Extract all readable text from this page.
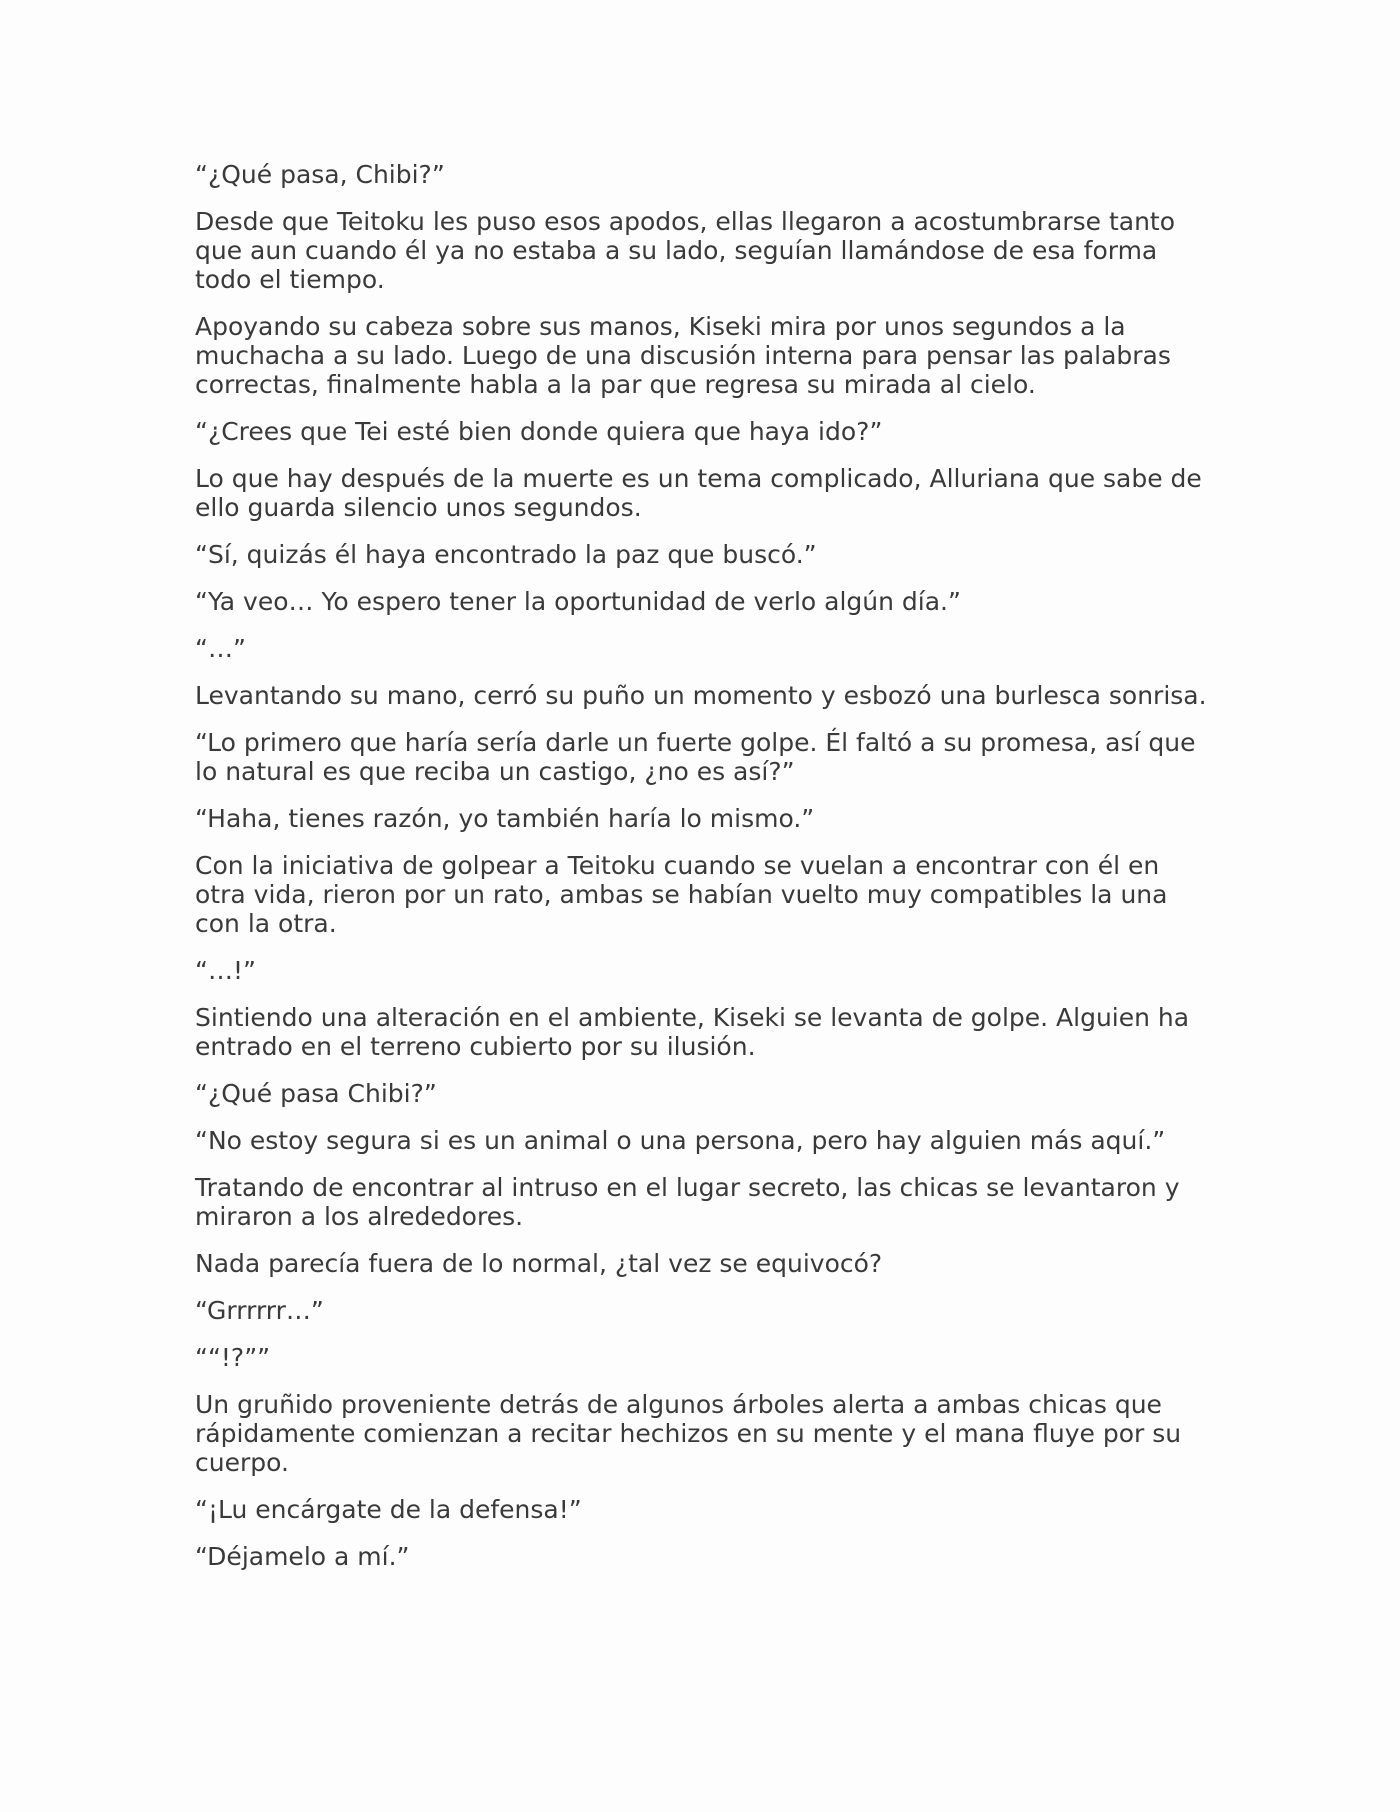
“¿Qué pasa, Chibi?”

Desde que Teitoku les puso esos apodos, ellas llegaron a acostumbrarse tanto que aun cuando él ya no estaba a su lado, seguían llamándose de esa forma todo el tiempo.

Apoyando su cabeza sobre sus manos, Kiseki mira por unos segundos a la muchacha a su lado. Luego de una discusión interna para pensar las palabras correctas, finalmente habla a la par que regresa su mirada al cielo.

“¿Crees que Tei esté bien donde quiera que haya ido?”

Lo que hay después de la muerte es un tema complicado, Alluriana que sabe de ello guarda silencio unos segundos.

“Sí, quizás él haya encontrado la paz que buscó.”

“Ya veo… Yo espero tener la oportunidad de verlo algún día.”

“…”

Levantando su mano, cerró su puño un momento y esbozó una burlesca sonrisa.

“Lo primero que haría sería darle un fuerte golpe. Él faltó a su promesa, así que lo natural es que reciba un castigo, ¿no es así?”

“Haha, tienes razón, yo también haría lo mismo.”

Con la iniciativa de golpear a Teitoku cuando se vuelan a encontrar con él en otra vida, rieron por un rato, ambas se habían vuelto muy compatibles la una con la otra.

“…!”

Sintiendo una alteración en el ambiente, Kiseki se levanta de golpe. Alguien ha entrado en el terreno cubierto por su ilusión.

“¿Qué pasa Chibi?”

“No estoy segura si es un animal o una persona, pero hay alguien más aquí.”

Tratando de encontrar al intruso en el lugar secreto, las chicas se levantaron y miraron a los alrededores.

Nada parecía fuera de lo normal, ¿tal vez se equivocó?

“Grrrrrr…”

““!?””

Un gruñido proveniente detrás de algunos árboles alerta a ambas chicas que rápidamente comienzan a recitar hechizos en su mente y el mana fluye por su cuerpo.

“¡Lu encárgate de la defensa!”

“Déjamelo a mí.”
